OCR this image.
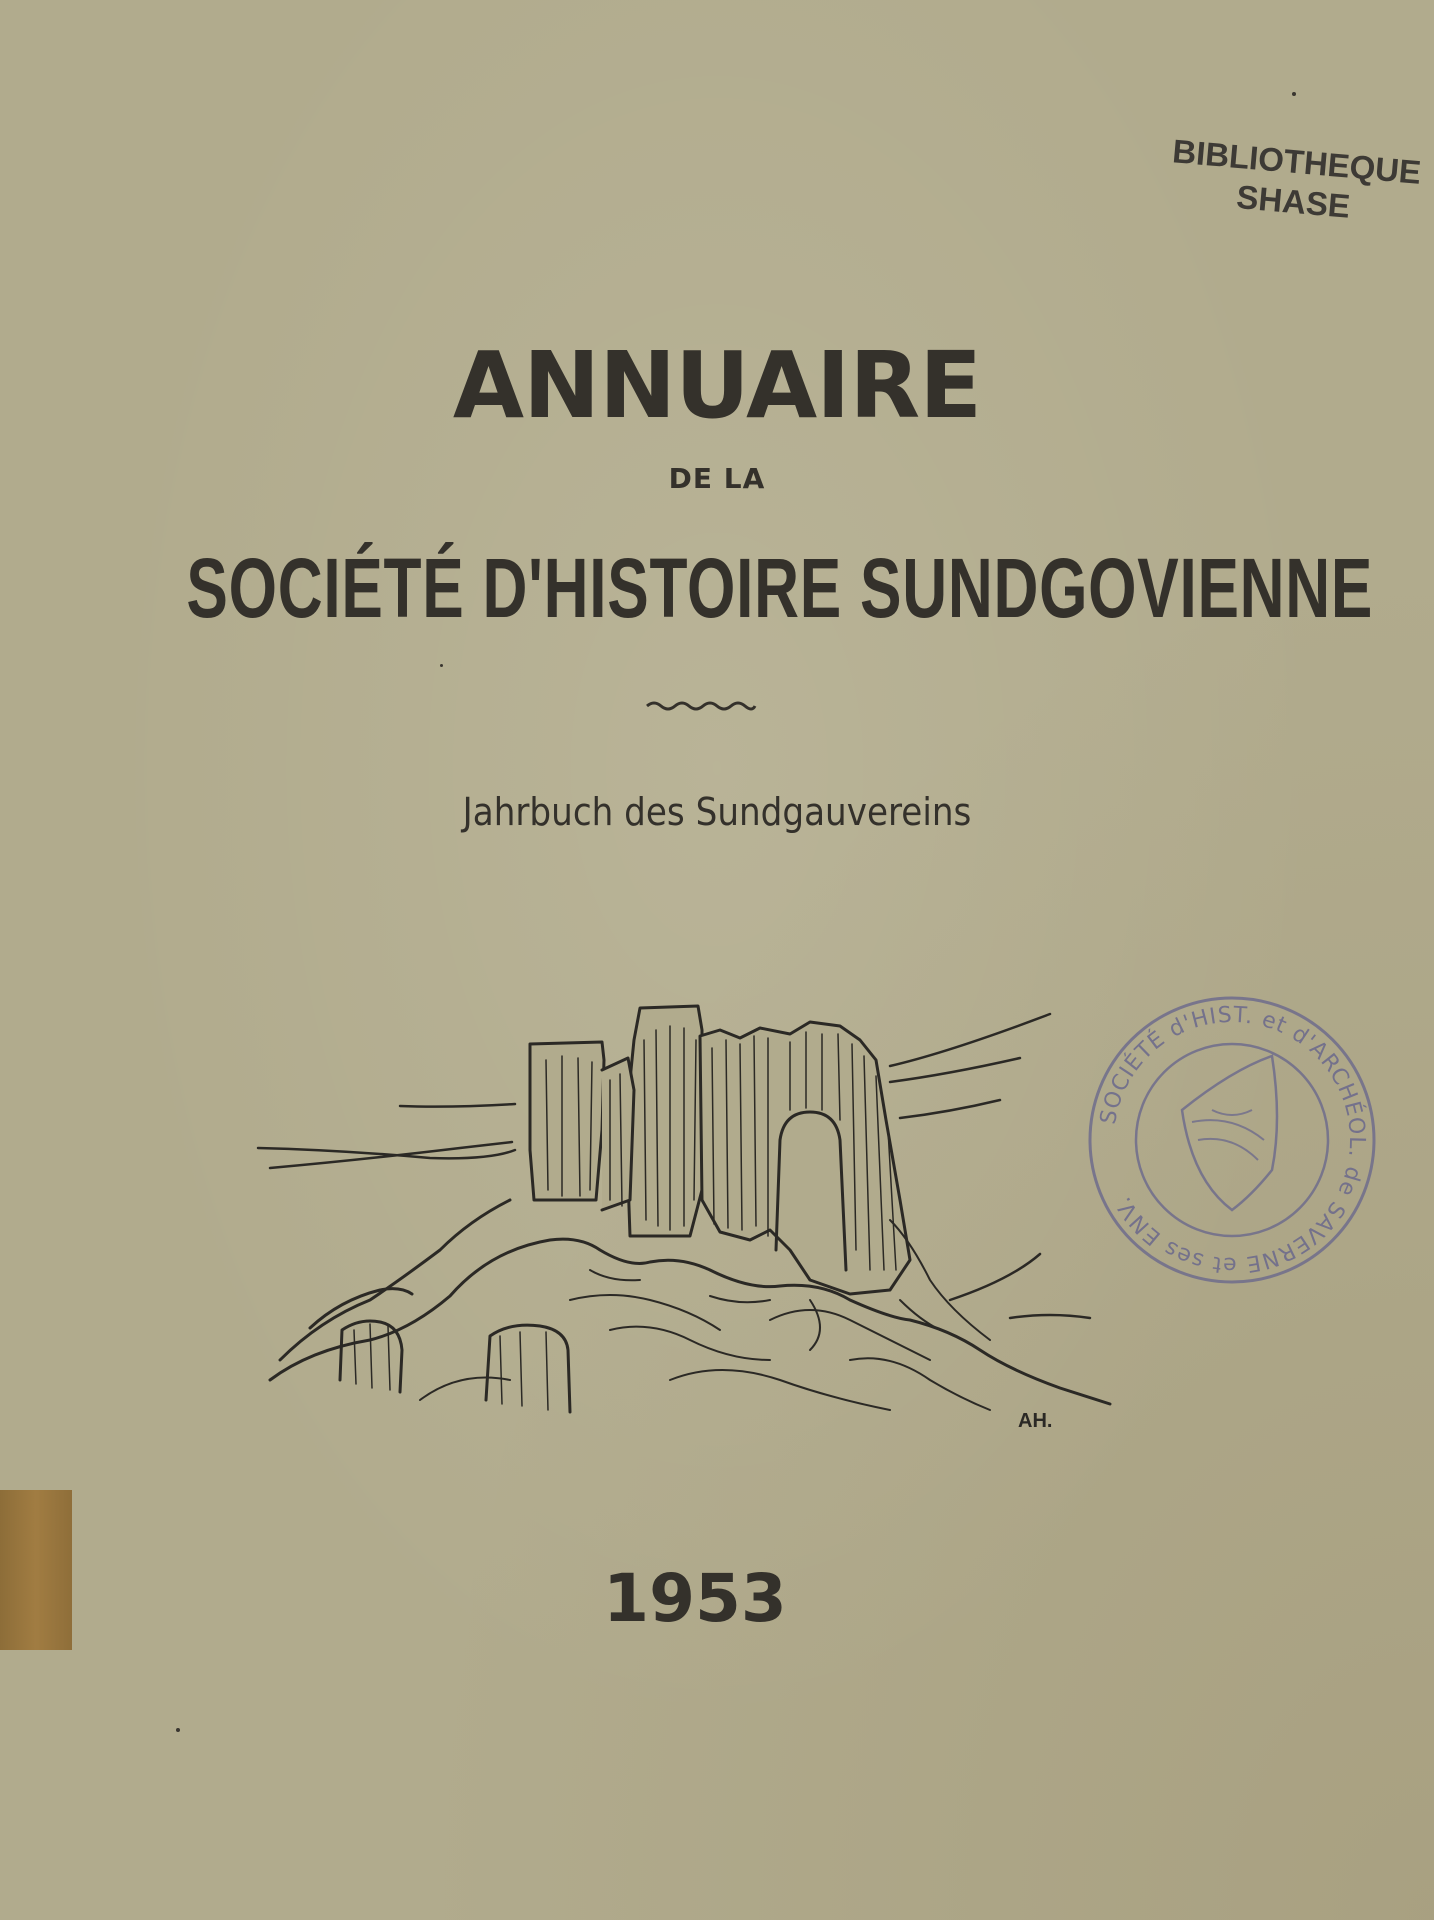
BIBLIOTHEQUE
SHASE
ANNUAIRE
DE LA
SOCIÉTÉ D'HISTOIRE SUNDGOVIENNE
Jahrbuch des Sundgauvereins
AH.
SOCIÉTÉ d'HIST. et d'ARCHÉOL. de SAVERNE et ses ENV.
1953
